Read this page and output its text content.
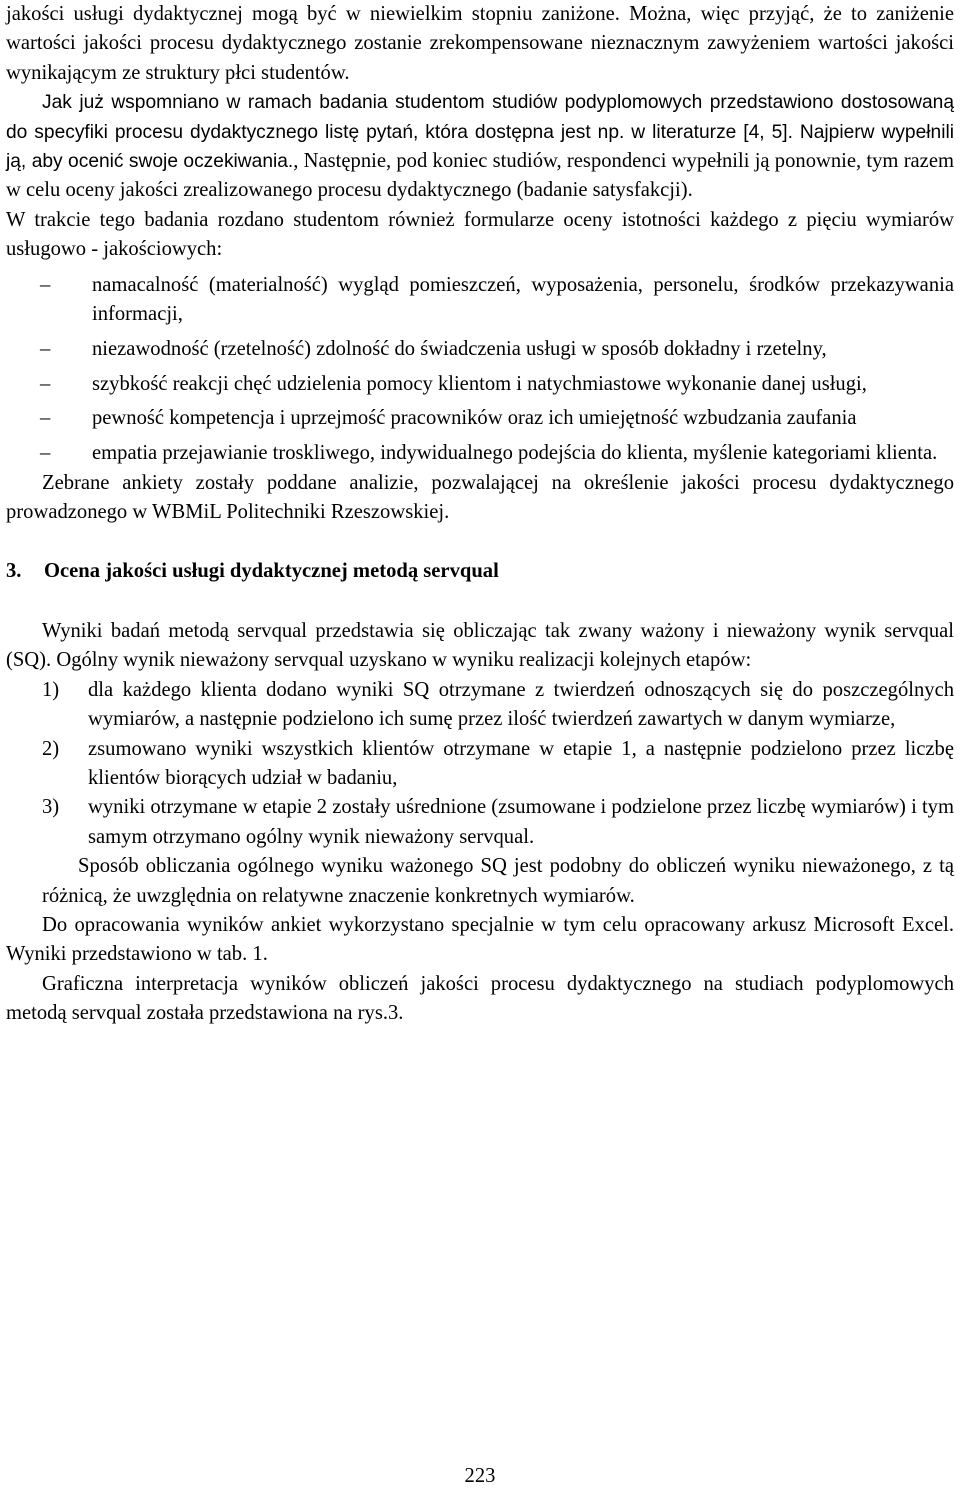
jakości usługi dydaktycznej mogą być w niewielkim stopniu zaniżone. Można, więc przyjąć, że to zaniżenie wartości jakości procesu dydaktycznego zostanie zrekompensowane nieznacznym zawyżeniem wartości jakości wynikającym ze struktury płci studentów.

Jak już wspomniano w ramach badania studentom studiów podyplomowych przedstawiono dostosowaną do specyfiki procesu dydaktycznego listę pytań, która dostępna jest np. w literaturze [4, 5]. Najpierw wypełnili ją, aby ocenić swoje oczekiwania., Następnie, pod koniec studiów, respondenci wypełnili ją ponownie, tym razem w celu oceny jakości zrealizowanego procesu dydaktycznego (badanie satysfakcji).

W trakcie tego badania rozdano studentom również formularze oceny istotności każdego z pięciu wymiarów usługowo - jakościowych:

– namacalność (materialność) wygląd pomieszczeń, wyposażenia, personelu, środków przekazywania informacji,
– niezawodność (rzetelność) zdolność do świadczenia usługi w sposób dokładny i rzetelny,
– szybkość reakcji chęć udzielenia pomocy klientom i natychmiastowe wykonanie danej usługi,
– pewność kompetencja i uprzejmość pracowników oraz ich umiejętność wzbudzania zaufania
– empatia przejawianie troskliwego, indywidualnego podejścia do klienta, myślenie kategoriami klienta.

Zebrane ankiety zostały poddane analizie, pozwalającej na określenie jakości procesu dydaktycznego prowadzonego w WBMiL Politechniki Rzeszowskiej.

3. Ocena jakości usługi dydaktycznej metodą servqual

Wyniki badań metodą servqual przedstawia się obliczając tak zwany ważony i nieważony wynik servqual (SQ). Ogólny wynik nieważony servqual uzyskano w wyniku realizacji kolejnych etapów:

1) dla każdego klienta dodano wyniki SQ otrzymane z twierdzeń odnoszących się do poszczególnych wymiarów, a następnie podzielono ich sumę przez ilość twierdzeń zawartych w danym wymiarze,
2) zsumowano wyniki wszystkich klientów otrzymane w etapie 1, a następnie podzielono przez liczbę klientów biorących udział w badaniu,
3) wyniki otrzymane w etapie 2 zostały uśrednione (zsumowane i podzielone przez liczbę wymiarów) i tym samym otrzymano ogólny wynik nieważony servqual.

Sposób obliczania ogólnego wyniku ważonego SQ jest podobny do obliczeń wyniku nieważonego, z tą różnicą, że uwzględnia on relatywne znaczenie konkretnych wymiarów.

Do opracowania wyników ankiet wykorzystano specjalnie w tym celu opracowany arkusz Microsoft Excel. Wyniki przedstawiono w tab. 1.

Graficzna interpretacja wyników obliczeń jakości procesu dydaktycznego na studiach podyplomowych metodą servqual została przedstawiona na rys.3.

223
